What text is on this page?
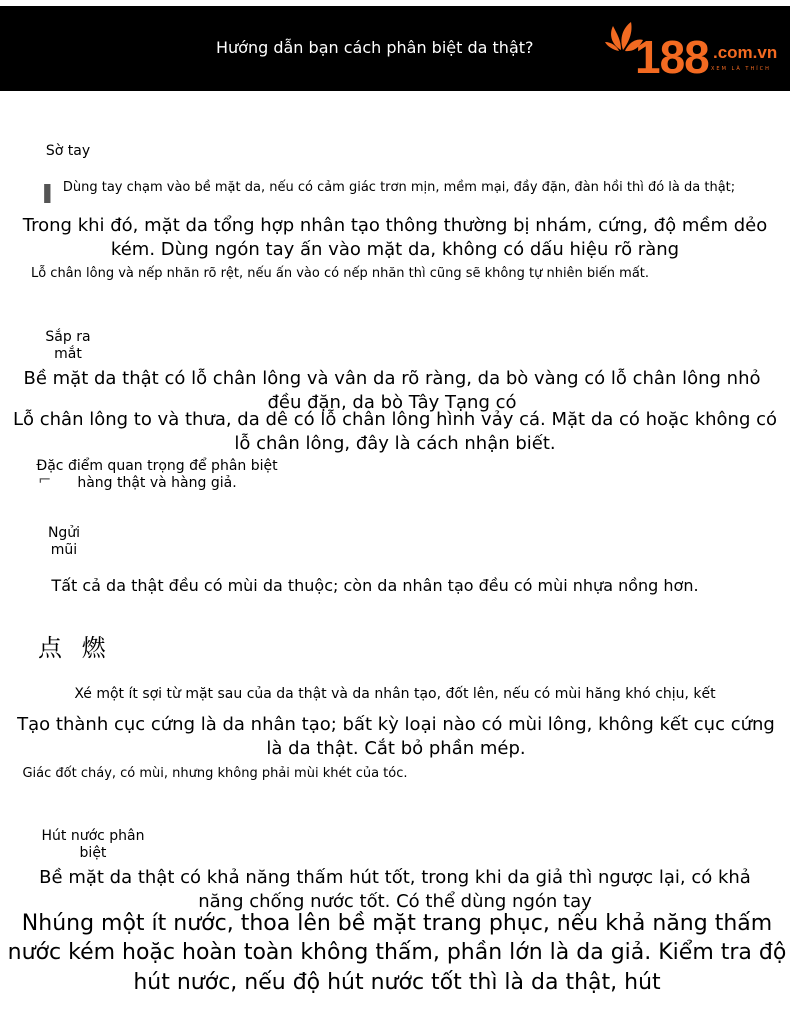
Hướng dẫn bạn cách phân biệt da thật? 188 .com.vn
XEM LÀ THÍCH
Sờ tay
▐ Dùng tay chạm vào bề mặt da, nếu có cảm giác trơn mịn, mềm mại, đầy đặn, đàn hồi thì đó là da thật;
Trong khi đó, mặt da tổng hợp nhân tạo thông thường bị nhám, cứng, độ mềm dẻo kém. Dùng ngón tay ấn vào mặt da, không có dấu hiệu rõ ràng
Lỗ chân lông và nếp nhăn rõ rệt, nếu ấn vào có nếp nhăn thì cũng sẽ không tự nhiên biến mất.
Sắp ra mắt
Bề mặt da thật có lỗ chân lông và vân da rõ ràng, da bò vàng có lỗ chân lông nhỏ đều đặn, da bò Tây Tạng có
Lỗ chân lông to và thưa, da dê có lỗ chân lông hình vảy cá. Mặt da có hoặc không có lỗ chân lông, đây là cách nhận biết.
⌐
Đặc điểm quan trọng để phân biệt hàng thật và hàng giả.
Ngửi mũi
Tất cả da thật đều có mùi da thuộc; còn da nhân tạo đều có mùi nhựa nồng hơn.
点 燃
Xé một ít sợi từ mặt sau của da thật và da nhân tạo, đốt lên, nếu có mùi hăng khó chịu, kết
Tạo thành cục cứng là da nhân tạo; bất kỳ loại nào có mùi lông, không kết cục cứng là da thật. Cắt bỏ phần mép.
Giác đốt cháy, có mùi, nhưng không phải mùi khét của tóc.
Hút nước phân biệt
Bề mặt da thật có khả năng thấm hút tốt, trong khi da giả thì ngược lại, có khả năng chống nước tốt. Có thể dùng ngón tay
Nhúng một ít nước, thoa lên bề mặt trang phục, nếu khả năng thấm nước kém hoặc hoàn toàn không thấm, phần lớn là da giả. Kiểm tra độ hút nước, nếu độ hút nước tốt thì là da thật, hút
